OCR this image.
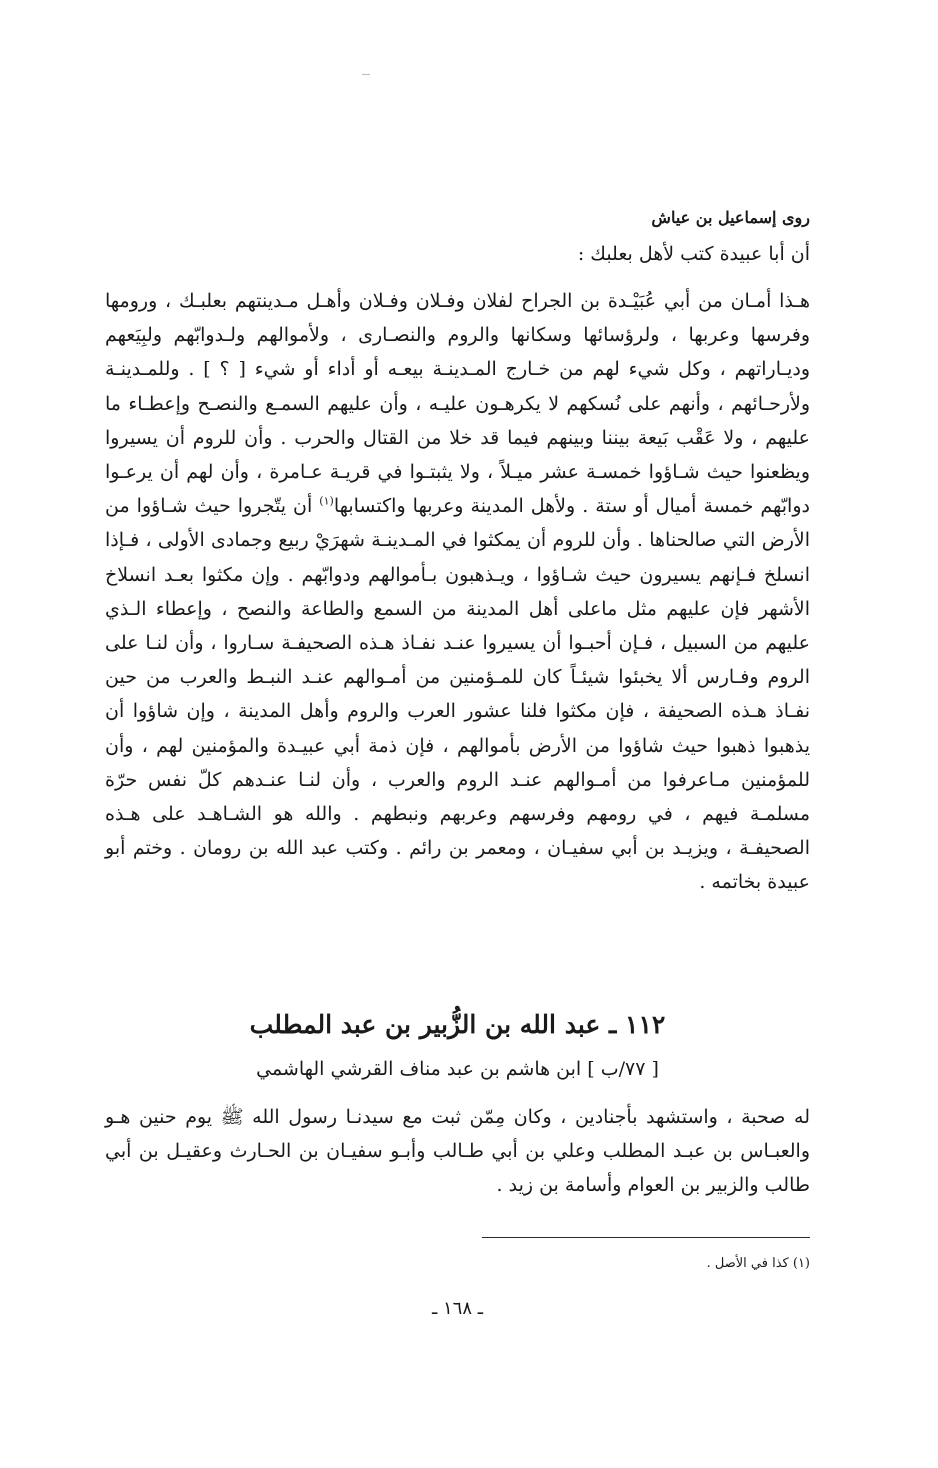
روى إسماعيل بن عياش
أن أبا عبيدة كتب لأهل بعلبك :
هـذا أمـان من أبي عُبَيْـدة بن الجراح لفلان وفـلان وفـلان وأهـل مـدينتهم بعلبـك ، ورومها وفرسها وعربها ، ولرؤسائها وسكانها والروم والنصـارى ، ولأموالهم ولـدوابّهم ولبِيَعهم وديـاراتهم ، وكل شيء لهم من خـارج المـدينـة بيعـه أو أداء أو شيء [ ؟ ] . وللمـدينـة ولأرحـائهم ، وأنهم على نُسكهم لا يكرهـون عليـه ، وأن عليهم السمـع والنصـح وإعطـاء ما عليهم ، ولا عَقْب بَيعة بيننا وبينهم فيما قد خلا من القتال والحرب . وأن للروم أن يسيروا ويظعنوا حيث شـاؤوا خمسـة عشر ميـلاً ، ولا يثبتـوا في قريـة عـامرة ، وأن لهم أن يرعـوا دوابّهم خمسة أميال أو ستة . ولأهل المدينة وعربها واكتسابها$^{(١)}$ أن يتّجروا حيث شـاؤوا من الأرض التي صالحناها . وأن للروم أن يمكثوا في المـدينـة شهرَيْ ربيع وجمادى الأولى ، فـإذا انسلخ فـإنهم يسيرون حيث شـاؤوا ، ويـذهبون بـأموالهم ودوابّهم . وإن مكثوا بعـد انسلاخ الأشهر فإن عليهم مثل ماعلى أهل المدينة من السمع والطاعة والنصح ، وإعطاء الـذي عليهم من السبيل ، فـإن أحبـوا أن يسيروا عنـد نفـاذ هـذه الصحيفـة سـاروا ، وأن لنـا على الروم وفـارس ألا يخبئوا شيئـاً كان للمـؤمنين من أمـوالهم عنـد النبـط والعرب من حين نفـاذ هـذه الصحيفة ، فإن مكثوا فلنا عشور العرب والروم وأهل المدينة ، وإن شاؤوا أن يذهبوا ذهبوا حيث شاؤوا من الأرض بأموالهم ، فإن ذمة أبي عبيـدة والمؤمنين لهم ، وأن للمؤمنين مـاعرفوا من أمـوالهم عنـد الروم والعرب ، وأن لنـا عنـدهم كلّ نفس حرّة مسلمـة فيهم ، في رومهم وفرسهم وعربهم ونبطهم . والله هو الشـاهـد على هـذه الصحيفـة ، ويزيـد بن أبي سفيـان ، ومعمر بن رائم . وكتب عبد الله بن رومان . وختم أبو عبيدة بخاتمه .
١١٢ ـ عبد الله بن الزُّبير بن عبد المطلب
[ ٧٧/ب ] ابن هاشم بن عبد مناف القرشي الهاشمي
له صحبة ، واستشهد بأجنادين ، وكان مِمّن ثبت مع سيدنـا رسول الله ﷺ يوم حنين هـو والعبـاس بن عبـد المطلب وعلي بن أبي طـالب وأبـو سفيـان بن الحـارث وعقيـل بن أبي طالب والزبير بن العوام وأسامة بن زيد .
(١) كذا في الأصل .
ـ ١٦٨ ـ
